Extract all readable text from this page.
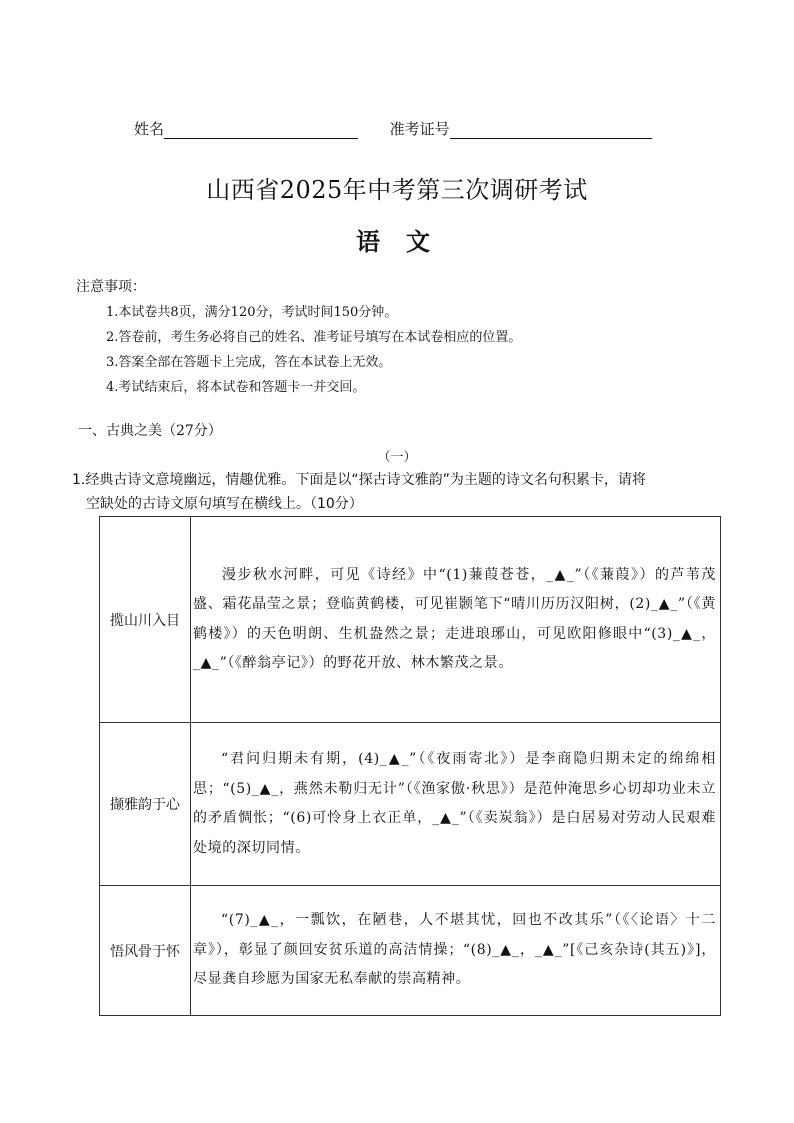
姓名	准考证号
山西省2025年中考第三次调研考试
语文
注意事项：
1.本试卷共8页，满分120分，考试时间150分钟。
2.答卷前，考生务必将自己的姓名、准考证号填写在本试卷相应的位置。
3.答案全部在答题卡上完成，答在本试卷上无效。
4.考试结束后，将本试卷和答题卡一并交回。
一、古典之美（27分）
（一）
1.经典古诗文意境幽远，情趣优雅。下面是以“探古诗文雅韵”为主题的诗文名句积累卡，请将
空缺处的古诗文原句填写在横线上。（10分）
揽山川入目	漫步秋水河畔，可见《诗经》中“(1)蒹葭苍苍，_▲_”（《蒹葭》）的芦苇茂盛、霜花晶莹之景；登临黄鹤楼，可见崔颢笔下“晴川历历汉阳树，(2)_▲_”（《黄鹤楼》）的天色明朗、生机盎然之景；走进琅琊山，可见欧阳修眼中“(3)_▲_，_▲_”（《醉翁亭记》）的野花开放、林木繁茂之景。
撷雅韵于心	“君问归期未有期，(4)_▲_”（《夜雨寄北》）是李商隐归期未定的绵绵相思；“(5)_▲_，燕然未勒归无计”（《渔家傲·秋思》）是范仲淹思乡心切却功业未立的矛盾惆怅；“(6)可怜身上衣正单，_▲_”（《卖炭翁》）是白居易对劳动人民艰难处境的深切同情。
悟风骨于怀	“(7)_▲_，一瓢饮，在陋巷，人不堪其忧，回也不改其乐”（《〈论语〉十二章》），彰显了颜回安贫乐道的高洁情操；“(8)_▲_，_▲_”[《己亥杂诗(其五)》]，尽显龚自珍愿为国家无私奉献的崇高精神。
